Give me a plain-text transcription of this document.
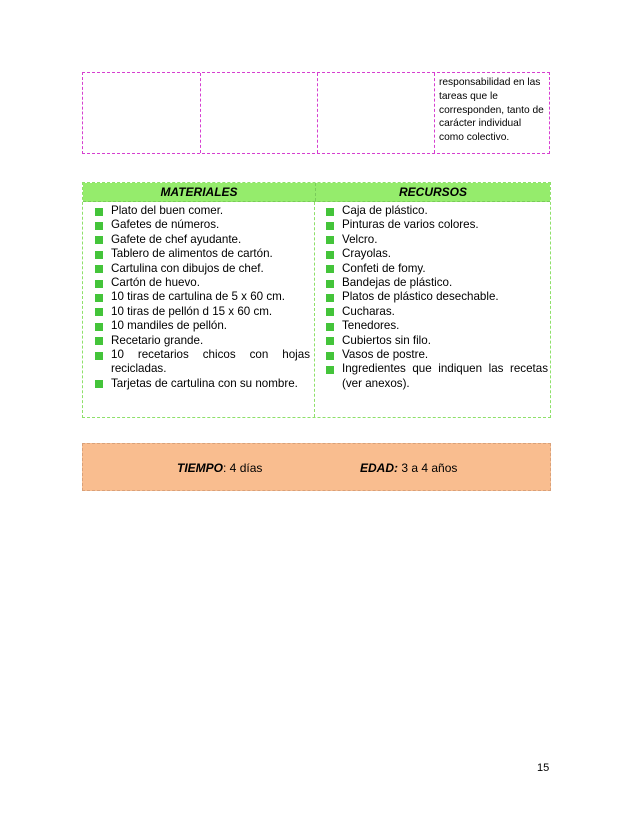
responsabilidad en las tareas que le corresponden, tanto de carácter individual como colectivo.

MATERIALES	RECURSOS
Plato del buen comer.
Gafetes de números.
Gafete de chef ayudante.
Tablero de alimentos de cartón.
Cartulina con dibujos de chef.
Cartón de huevo.
10 tiras de cartulina de 5 x 60 cm.
10 tiras de pellón d 15 x 60 cm.
10 mandiles de pellón.
Recetario grande.
10 recetarios chicos con hojas recicladas.
Tarjetas de cartulina con su nombre.
Caja de plástico.
Pinturas de varios colores.
Velcro.
Crayolas.
Confeti de fomy.
Bandejas de plástico.
Platos de plástico desechable.
Cucharas.
Tenedores.
Cubiertos sin filo.
Vasos de postre.
Ingredientes que indiquen las recetas (ver anexos).
TIEMPO: 4 días	EDAD: 3 a 4 años
15
